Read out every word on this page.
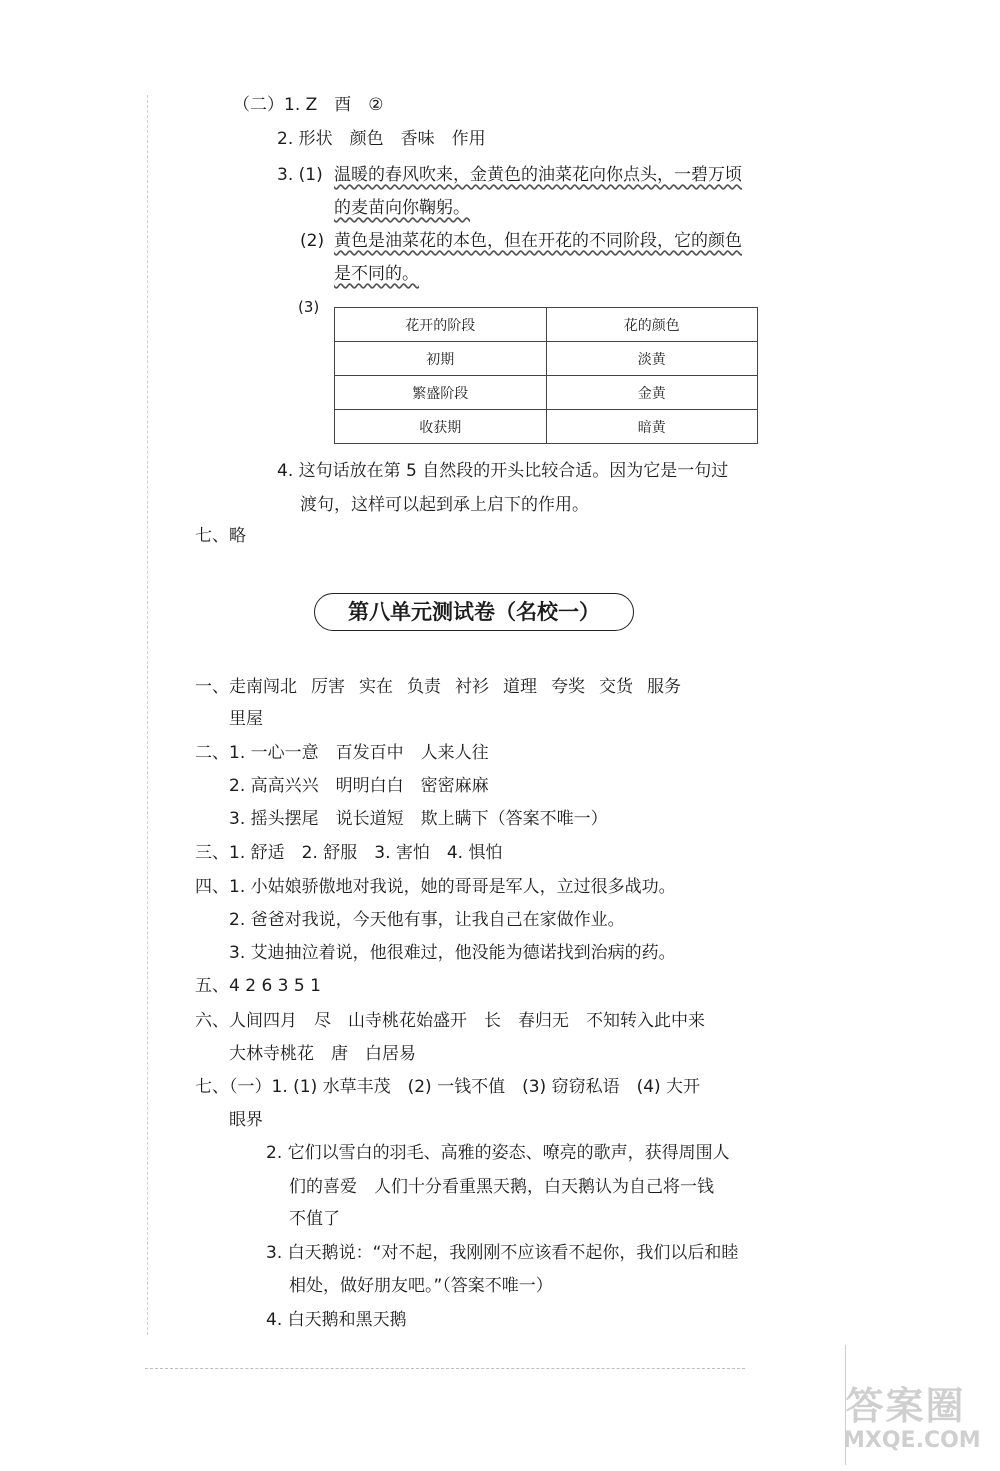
（二）1. Z　酉　②
2. 形状　颜色　香味　作用
3. (1) 温暖的春风吹来，金黄色的油菜花向你点头，一碧万顷
的麦苗向你鞠躬。
(2) 黄色是油菜花的本色，但在开花的不同阶段，它的颜色
是不同的。
(3)
花开的阶段	花的颜色
初期	淡黄
繁盛阶段	金黄
收获期	暗黄
4. 这句话放在第 5 自然段的开头比较合适。因为它是一句过
渡句，这样可以起到承上启下的作用。
七、略
第八单元测试卷（名校一）
一、走南闯北 厉害 实在 负责 衬衫 道理 夸奖 交货 服务
里屋
二、1. 一心一意　百发百中　人来人往
2. 高高兴兴　明明白白　密密麻麻
3. 摇头摆尾　说长道短　欺上瞒下（答案不唯一）
三、1. 舒适　2. 舒服　3. 害怕　4. 惧怕
四、1. 小姑娘骄傲地对我说，她的哥哥是军人，立过很多战功。
2. 爸爸对我说，今天他有事，让我自己在家做作业。
3. 艾迪抽泣着说，他很难过，他没能为德诺找到治病的药。
五、4 2 6 3 5 1
六、人间四月　尽　山寺桃花始盛开　长　春归无　不知转入此中来
大林寺桃花　唐　白居易
七、（一）1. (1) 水草丰茂　(2) 一钱不值　(3) 窃窃私语　(4) 大开
眼界
2. 它们以雪白的羽毛、高雅的姿态、嘹亮的歌声，获得周围人
们的喜爱　人们十分看重黑天鹅，白天鹅认为自己将一钱
不值了
3. 白天鹅说：“对不起，我刚刚不应该看不起你，我们以后和睦
相处，做好朋友吧。”（答案不唯一）
4. 白天鹅和黑天鹅
答案圈
MXQE.COM
